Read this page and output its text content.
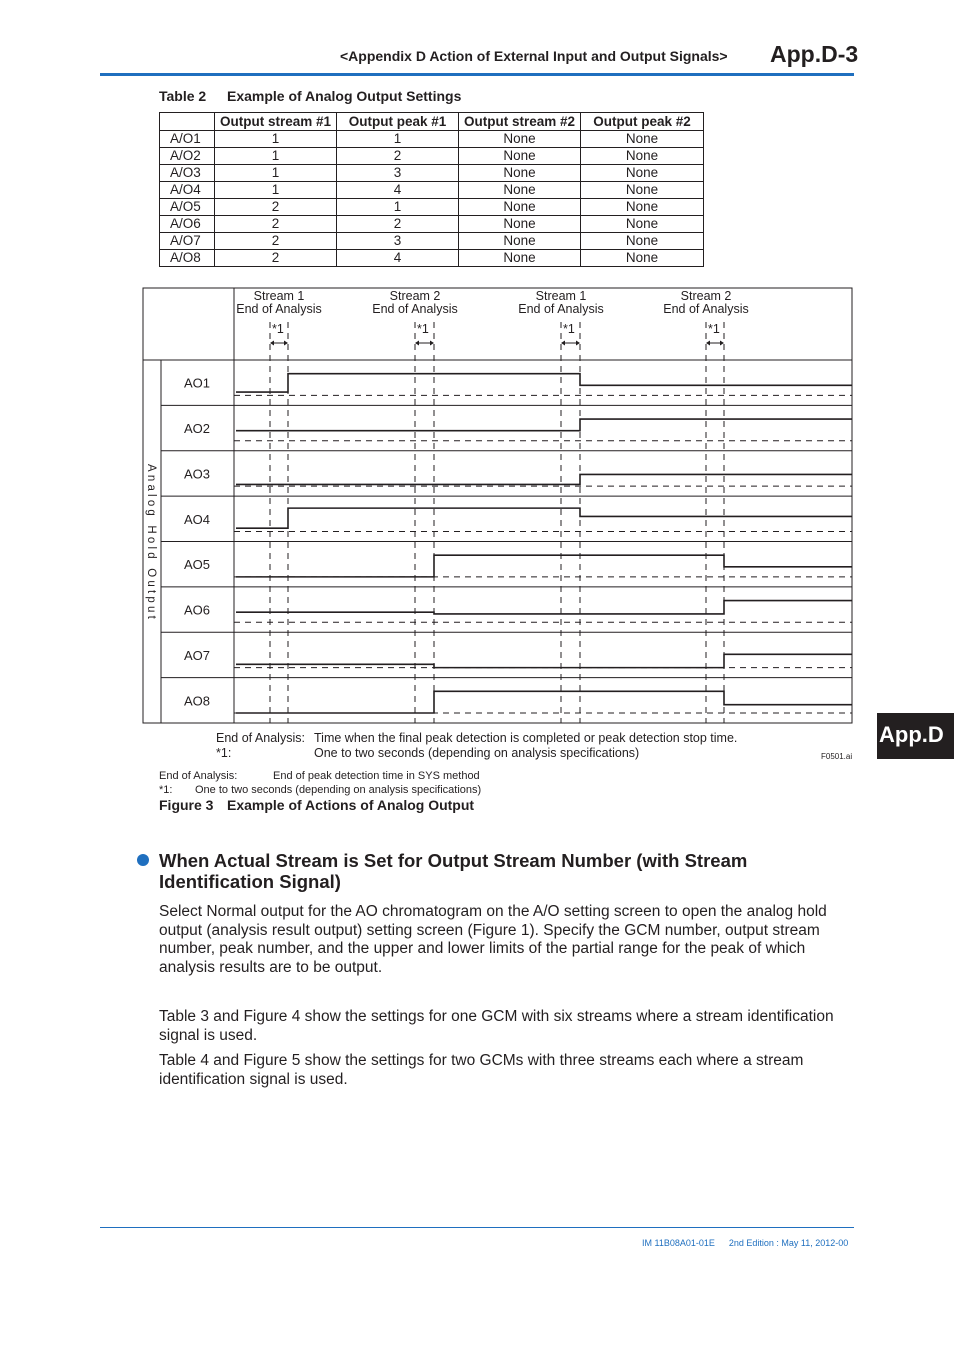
<Appendix D Action of External Input and Output Signals> App.D-3
Table 2 Example of Analog Output Settings
	Output stream #1	Output peak #1	Output stream #2	Output peak #2
A/O1	1	1	None	None
A/O2	1	2	None	None
A/O3	1	3	None	None
A/O4	1	4	None	None
A/O5	2	1	None	None
A/O6	2	2	None	None
A/O7	2	3	None	None
A/O8	2	4	None	None
Stream 1
End of Analysis
*1
Stream 2
End of Analysis
*1
Stream 1
End of Analysis
*1
Stream 2
End of Analysis
*1
Analog Hold Output
AO1
AO2
AO3
AO4
AO5
AO6
AO7
AO8
End of Analysis: Time when the final peak detection is completed or peak detection stop time.
*1:	One to two seconds (depending on analysis specifications)	F0501.ai
End of Analysis:	End of peak detection time in SYS method
*1: One to two seconds (depending on analysis specifications)
Figure 3 Example of Actions of Analog Output
App.D
When Actual Stream is Set for Output Stream Number (with Stream Identification Signal)
Select Normal output for the AO chromatogram on the A/O setting screen to open the analog hold output (analysis result output) setting screen (Figure 1). Specify the GCM number, output stream number, peak number, and the upper and lower limits of the partial range for the peak of which analysis results are to be output.
Table 3 and Figure 4 show the settings for one GCM with six streams where a stream identification signal is used.
Table 4 and Figure 5 show the settings for two GCMs with three streams each where a stream identification signal is used.
IM 11B08A01-01E 2nd Edition : May 11, 2012-00
